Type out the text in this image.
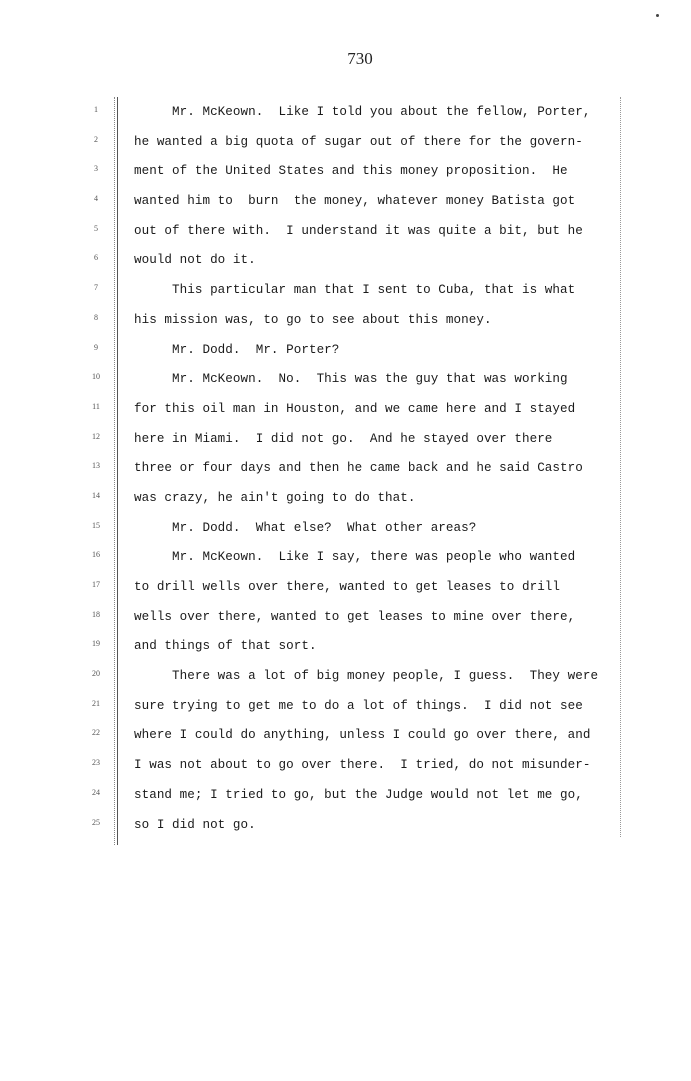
730
1
2
3
4
5
6
7
8
9
10
11
12
13
14
15
16
17
18
19
20
21
22
23
24
25
Mr. McKeown.  Like I told you about the fellow, Porter,
he wanted a big quota of sugar out of there for the govern-
ment of the United States and this money proposition.  He
wanted him to  burn  the money, whatever money Batista got
out of there with.  I understand it was quite a bit, but he
would not do it.
This particular man that I sent to Cuba, that is what
his mission was, to go to see about this money.
Mr. Dodd.  Mr. Porter?
Mr. McKeown.  No.  This was the guy that was working
for this oil man in Houston, and we came here and I stayed
here in Miami.  I did not go.  And he stayed over there
three or four days and then he came back and he said Castro
was crazy, he ain't going to do that.
Mr. Dodd.  What else?  What other areas?
Mr. McKeown.  Like I say, there was people who wanted
to drill wells over there, wanted to get leases to drill
wells over there, wanted to get leases to mine over there,
and things of that sort.
There was a lot of big money people, I guess.  They were
sure trying to get me to do a lot of things.  I did not see
where I could do anything, unless I could go over there, and
I was not about to go over there.  I tried, do not misunder-
stand me; I tried to go, but the Judge would not let me go,
so I did not go.
